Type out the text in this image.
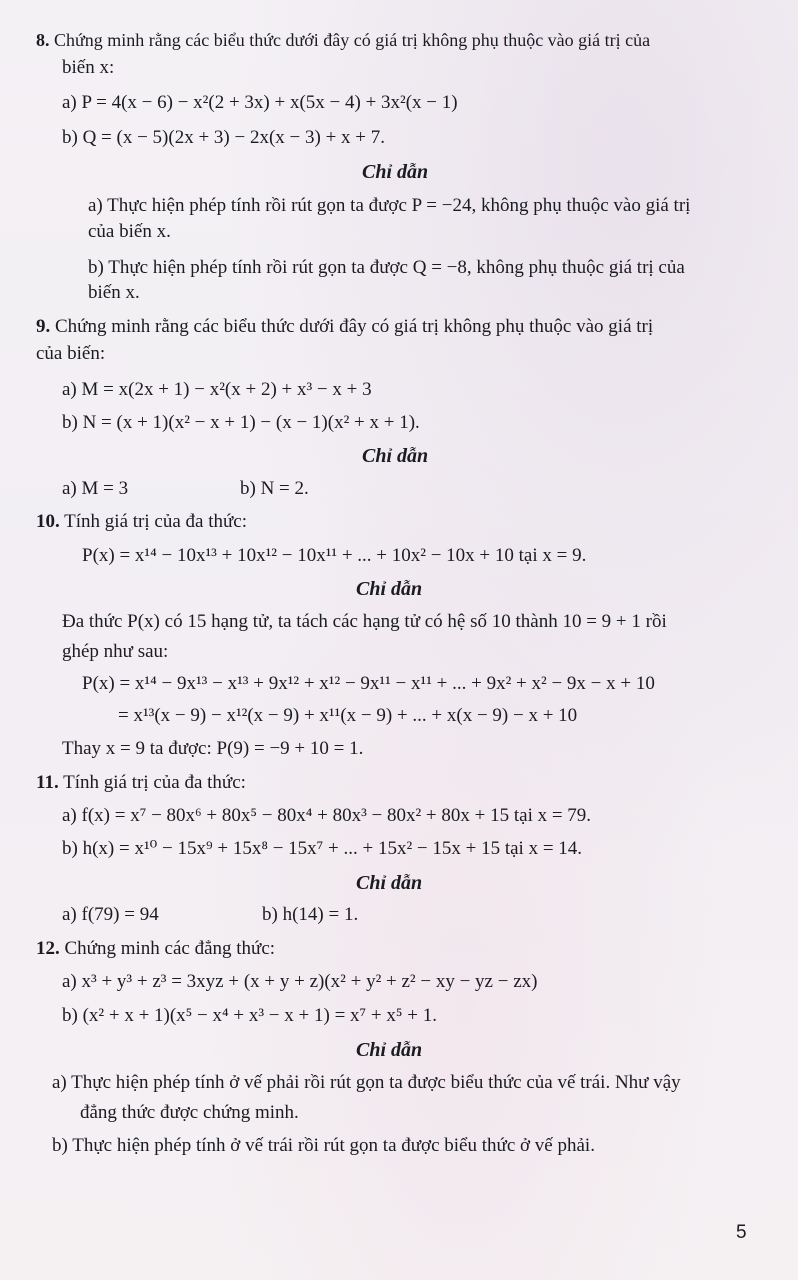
8. Chứng minh rằng các biểu thức dưới đây có giá trị không phụ thuộc vào giá trị của
biến x:
a) P = 4(x − 6) − x²(2 + 3x) + x(5x − 4) + 3x²(x − 1)
b) Q = (x − 5)(2x + 3) − 2x(x − 3) + x + 7.
Chỉ dẫn
a) Thực hiện phép tính rồi rút gọn ta được P = −24, không phụ thuộc vào giá trị
của biến x.
b) Thực hiện phép tính rồi rút gọn ta được Q = −8, không phụ thuộc giá trị của
biến x.
9. Chứng minh rằng các biểu thức dưới đây có giá trị không phụ thuộc vào giá trị
của biến:
a) M = x(2x + 1) − x²(x + 2) + x³ − x + 3
b) N = (x + 1)(x² − x + 1) − (x − 1)(x² + x + 1).
Chỉ dẫn
a) M = 3	b) N = 2.
10. Tính giá trị của đa thức:
P(x) = x¹⁴ − 10x¹³ + 10x¹² − 10x¹¹ + ... + 10x² − 10x + 10 tại x = 9.
Chỉ dẫn
Đa thức P(x) có 15 hạng tử, ta tách các hạng tử có hệ số 10 thành 10 = 9 + 1 rồi
ghép như sau:
P(x) = x¹⁴ − 9x¹³ − x¹³ + 9x¹² + x¹² − 9x¹¹ − x¹¹ + ... + 9x² + x² − 9x − x + 10
= x¹³(x − 9) − x¹²(x − 9) + x¹¹(x − 9) + ... + x(x − 9) − x + 10
Thay x = 9 ta được: P(9) = −9 + 10 = 1.
11. Tính giá trị của đa thức:
a) f(x) = x⁷ − 80x⁶ + 80x⁵ − 80x⁴ + 80x³ − 80x² + 80x + 15 tại x = 79.
b) h(x) = x¹⁰ − 15x⁹ + 15x⁸ − 15x⁷ + ... + 15x² − 15x + 15 tại x = 14.
Chỉ dẫn
a) f(79) = 94	b) h(14) = 1.
12. Chứng minh các đẳng thức:
a) x³ + y³ + z³ = 3xyz + (x + y + z)(x² + y² + z² − xy − yz − zx)
b) (x² + x + 1)(x⁵ − x⁴ + x³ − x + 1) = x⁷ + x⁵ + 1.
Chỉ dẫn
a) Thực hiện phép tính ở vế phải rồi rút gọn ta được biểu thức của vế trái. Như vậy
đẳng thức được chứng minh.
b) Thực hiện phép tính ở vế trái rồi rút gọn ta được biểu thức ở vế phải.
5
